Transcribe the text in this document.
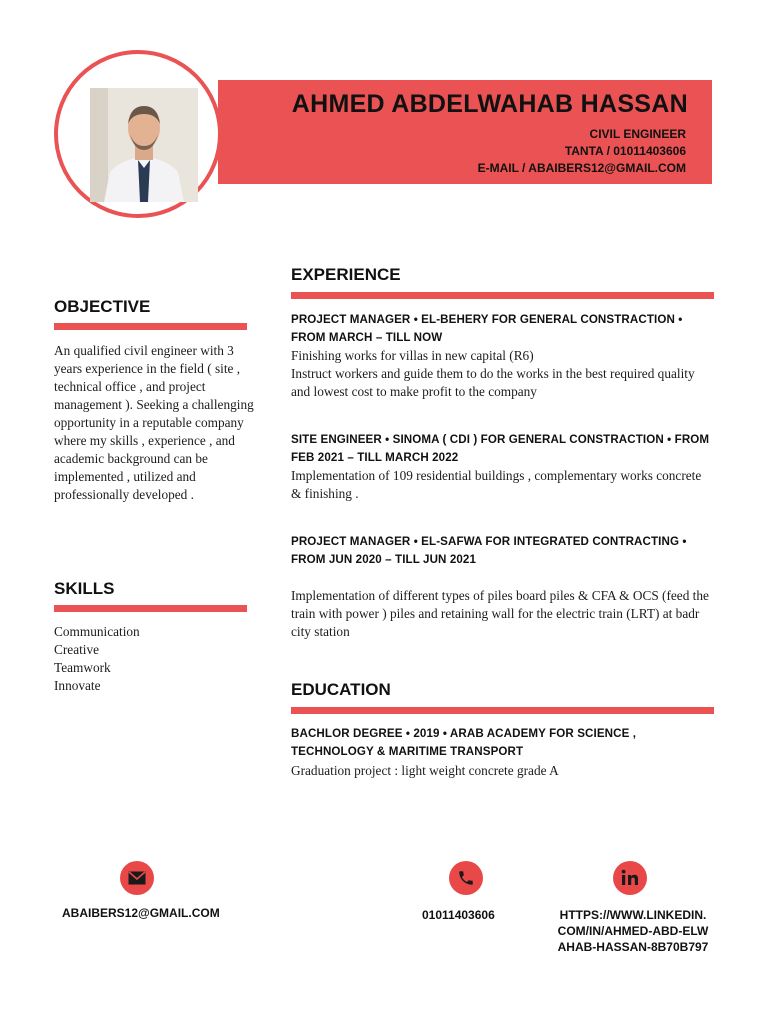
AHMED ABDELWAHAB HASSAN
CIVIL ENGINEER
TANTA / 01011403606
E-MAIL / ABAIBERS12@GMAIL.COM
OBJECTIVE
An qualified civil engineer with 3 years experience in the field ( site , technical office , and project management ). Seeking a challenging opportunity in a reputable company where my skills , experience , and academic background can be implemented , utilized and professionally developed .
SKILLS
Communication
Creative
Teamwork
Innovate
EXPERIENCE
PROJECT MANAGER • EL-BEHERY FOR GENERAL CONSTRACTION • FROM MARCH – TILL NOW
Finishing works for villas in new capital (R6)
Instruct workers and guide them to do the works in the best required quality and lowest cost to make profit to the company
SITE ENGINEER • SINOMA ( CDI ) FOR GENERAL CONSTRACTION • FROM FEB 2021 – TILL MARCH 2022
Implementation of 109 residential buildings , complementary works concrete & finishing .
PROJECT MANAGER • EL-SAFWA FOR INTEGRATED CONTRACTING • FROM JUN 2020 – TILL JUN 2021
Implementation of different types of piles board piles & CFA & OCS (feed the train with power ) piles and retaining wall for the electric train (LRT) at badr city station
EDUCATION
BACHLOR DEGREE • 2019 • ARAB ACADEMY FOR SCIENCE , TECHNOLOGY & MARITIME TRANSPORT
Graduation project : light weight concrete grade A
ABAIBERS12@GMAIL.COM	01011403606	HTTPS://WWW.LINKEDIN.COM/IN/AHMED-ABD-ELWAHAB-HASSAN-8B70B797
